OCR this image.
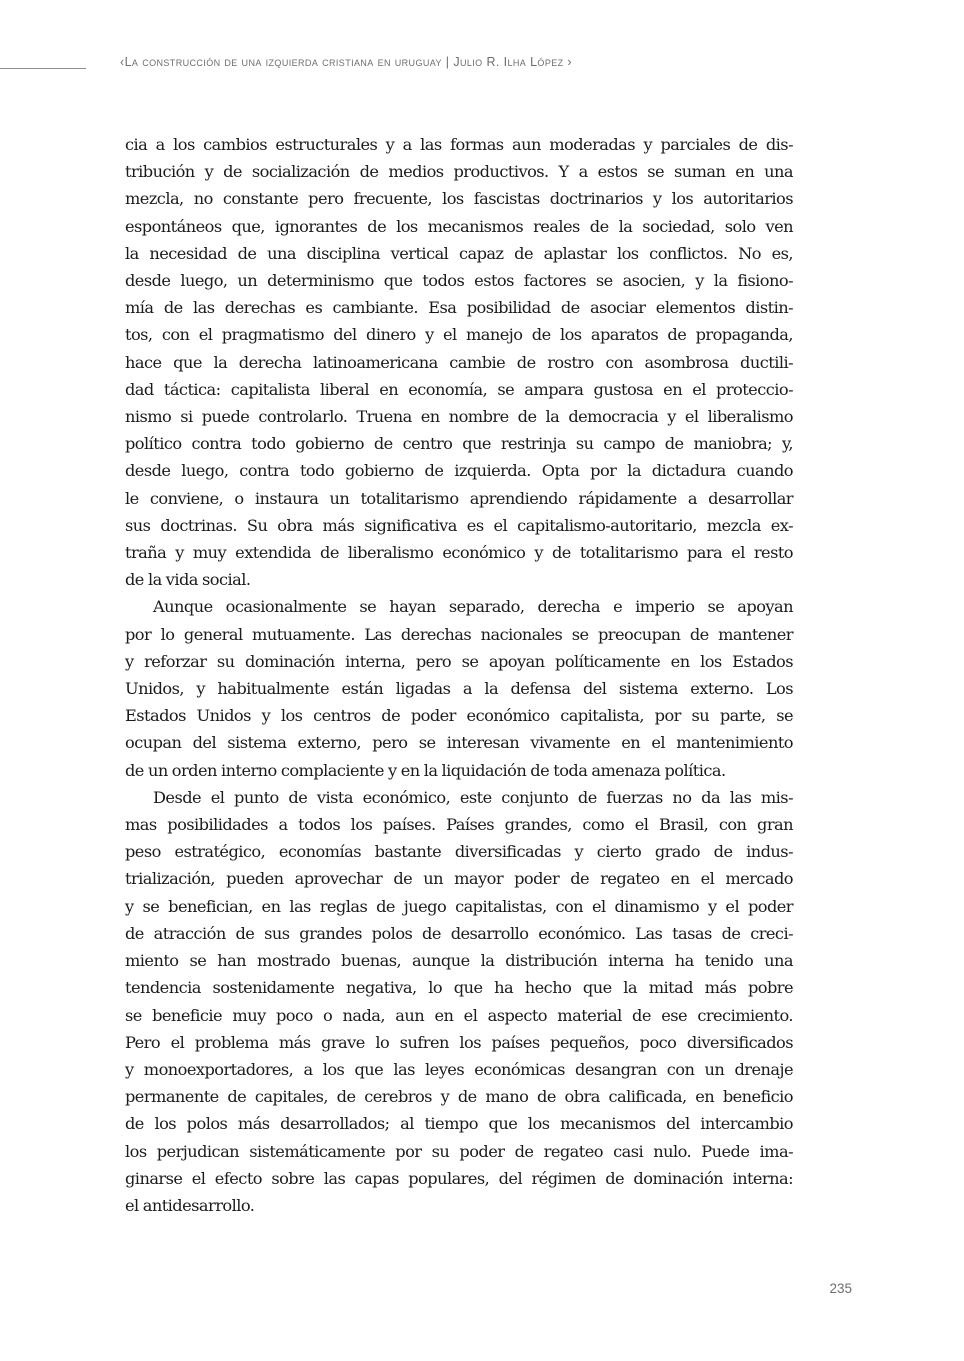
‹La construcción de una izquierda cristiana en uruguay | Julio R. Ilha López ›
cia a los cambios estructurales y a las formas aun moderadas y parciales de dis-
tribución y de socialización de medios productivos. Y a estos se suman en una
mezcla, no constante pero frecuente, los fascistas doctrinarios y los autoritarios
espontáneos que, ignorantes de los mecanismos reales de la sociedad, solo ven
la necesidad de una disciplina vertical capaz de aplastar los conflictos. No es,
desde luego, un determinismo que todos estos factores se asocien, y la fisiono-
mía de las derechas es cambiante. Esa posibilidad de asociar elementos distin-
tos, con el pragmatismo del dinero y el manejo de los aparatos de propaganda,
hace que la derecha latinoamericana cambie de rostro con asombrosa ductili-
dad táctica: capitalista liberal en economía, se ampara gustosa en el proteccio-
nismo si puede controlarlo. Truena en nombre de la democracia y el liberalismo
político contra todo gobierno de centro que restrinja su campo de maniobra; y,
desde luego, contra todo gobierno de izquierda. Opta por la dictadura cuando
le conviene, o instaura un totalitarismo aprendiendo rápidamente a desarrollar
sus doctrinas. Su obra más significativa es el capitalismo-autoritario, mezcla ex-
traña y muy extendida de liberalismo económico y de totalitarismo para el resto
de la vida social.
Aunque ocasionalmente se hayan separado, derecha e imperio se apoyan
por lo general mutuamente. Las derechas nacionales se preocupan de mantener
y reforzar su dominación interna, pero se apoyan políticamente en los Estados
Unidos, y habitualmente están ligadas a la defensa del sistema externo. Los
Estados Unidos y los centros de poder económico capitalista, por su parte, se
ocupan del sistema externo, pero se interesan vivamente en el mantenimiento
de un orden interno complaciente y en la liquidación de toda amenaza política.
Desde el punto de vista económico, este conjunto de fuerzas no da las mis-
mas posibilidades a todos los países. Países grandes, como el Brasil, con gran
peso estratégico, economías bastante diversificadas y cierto grado de indus-
trialización, pueden aprovechar de un mayor poder de regateo en el mercado
y se benefician, en las reglas de juego capitalistas, con el dinamismo y el poder
de atracción de sus grandes polos de desarrollo económico. Las tasas de creci-
miento se han mostrado buenas, aunque la distribución interna ha tenido una
tendencia sostenidamente negativa, lo que ha hecho que la mitad más pobre
se beneficie muy poco o nada, aun en el aspecto material de ese crecimiento.
Pero el problema más grave lo sufren los países pequeños, poco diversificados
y monoexportadores, a los que las leyes económicas desangran con un drenaje
permanente de capitales, de cerebros y de mano de obra calificada, en beneficio
de los polos más desarrollados; al tiempo que los mecanismos del intercambio
los perjudican sistemáticamente por su poder de regateo casi nulo. Puede ima-
ginarse el efecto sobre las capas populares, del régimen de dominación interna:
el antidesarrollo.
235
